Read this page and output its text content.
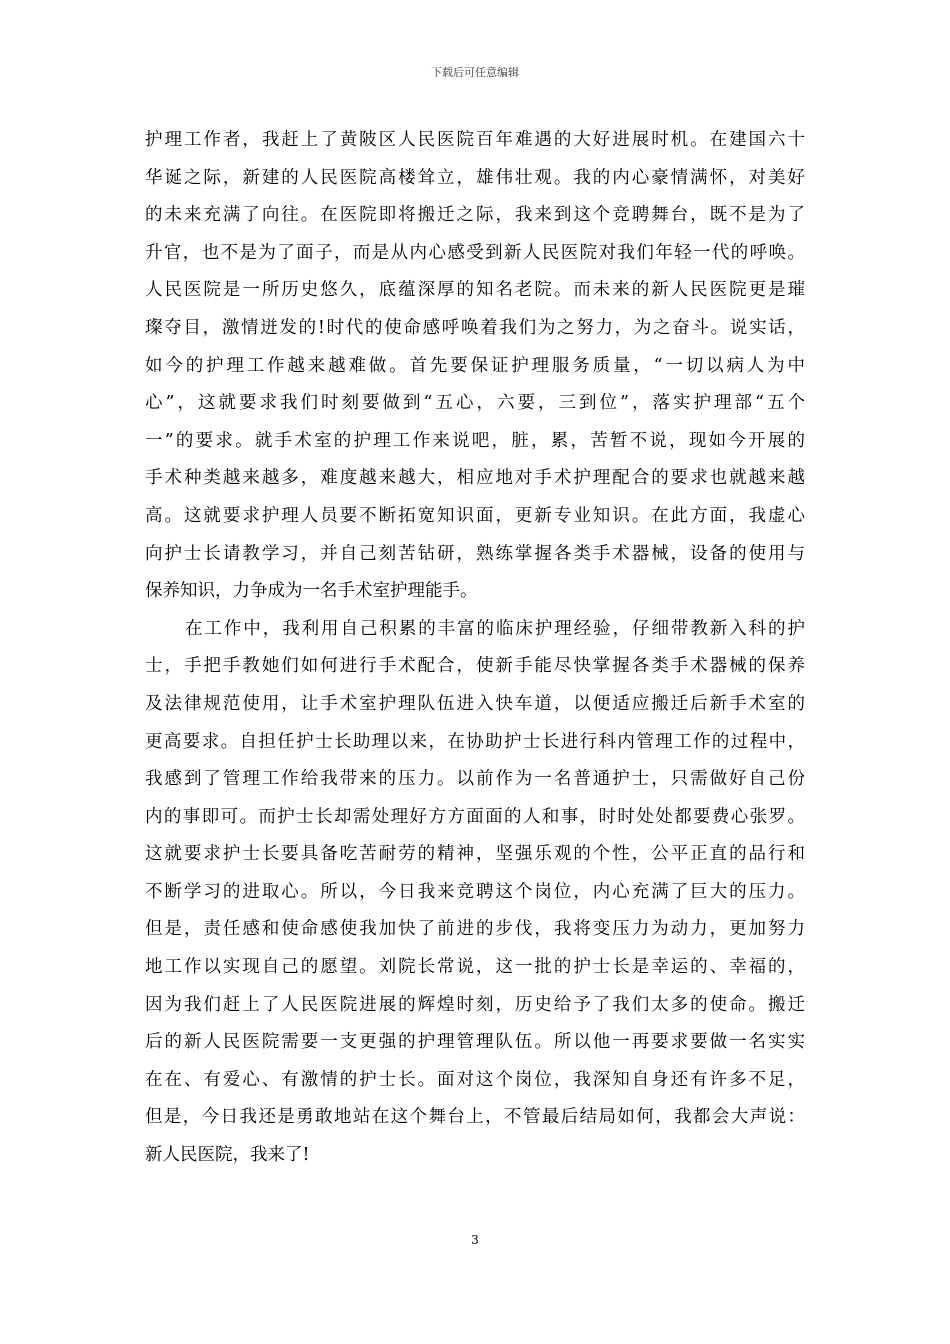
下载后可任意编辑
护理工作者，我赶上了黄陂区人民医院百年难遇的大好进展时机。在建国六十
华诞之际，新建的人民医院高楼耸立，雄伟壮观。我的内心豪情满怀，对美好
的未来充满了向往。在医院即将搬迁之际，我来到这个竞聘舞台，既不是为了
升官，也不是为了面子，而是从内心感受到新人民医院对我们年轻一代的呼唤。
人民医院是一所历史悠久，底蕴深厚的知名老院。而未来的新人民医院更是璀
璨夺目，激情迸发的!时代的使命感呼唤着我们为之努力，为之奋斗。说实话，
如今的护理工作越来越难做。首先要保证护理服务质量，“一切以病人为中
心”，这就要求我们时刻要做到“五心，六要，三到位”，落实护理部“五个
一”的要求。就手术室的护理工作来说吧，脏，累，苦暂不说，现如今开展的
手术种类越来越多，难度越来越大，相应地对手术护理配合的要求也就越来越
高。这就要求护理人员要不断拓宽知识面，更新专业知识。在此方面，我虚心
向护士长请教学习，并自己刻苦钻研，熟练掌握各类手术器械，设备的使用与
保养知识，力争成为一名手术室护理能手。
在工作中，我利用自己积累的丰富的临床护理经验，仔细带教新入科的护
士，手把手教她们如何进行手术配合，使新手能尽快掌握各类手术器械的保养
及法律规范使用，让手术室护理队伍进入快车道，以便适应搬迁后新手术室的
更高要求。自担任护士长助理以来，在协助护士长进行科内管理工作的过程中，
我感到了管理工作给我带来的压力。以前作为一名普通护士，只需做好自己份
内的事即可。而护士长却需处理好方方面面的人和事，时时处处都要费心张罗。
这就要求护士长要具备吃苦耐劳的精神，坚强乐观的个性，公平正直的品行和
不断学习的进取心。所以，今日我来竞聘这个岗位，内心充满了巨大的压力。
但是，责任感和使命感使我加快了前进的步伐，我将变压力为动力，更加努力
地工作以实现自己的愿望。刘院长常说，这一批的护士长是幸运的、幸福的，
因为我们赶上了人民医院进展的辉煌时刻，历史给予了我们太多的使命。搬迁
后的新人民医院需要一支更强的护理管理队伍。所以他一再要求要做一名实实
在在、有爱心、有激情的护士长。面对这个岗位，我深知自身还有许多不足，
但是，今日我还是勇敢地站在这个舞台上，不管最后结局如何，我都会大声说：
新人民医院，我来了!
3
